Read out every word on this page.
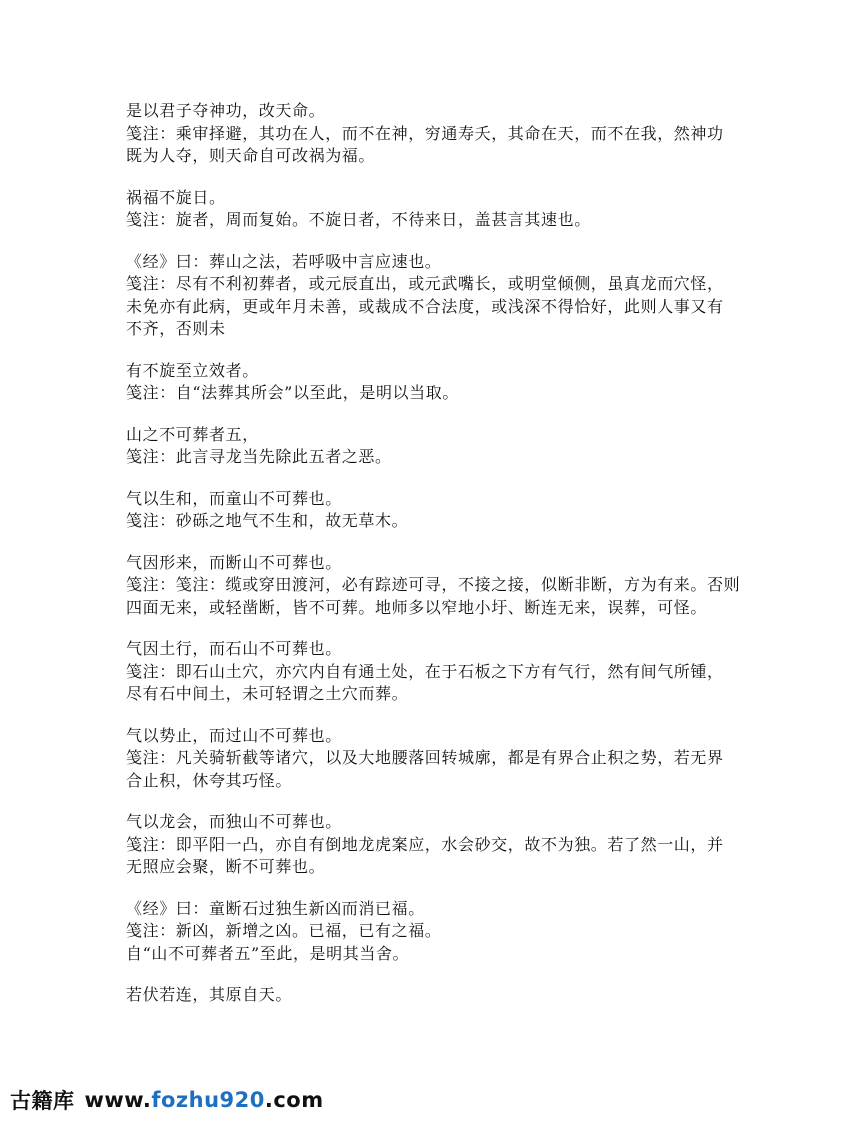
是以君子夺神功，改天命。
笺注：乘审择避，其功在人，而不在神，穷通寿夭，其命在天，而不在我，然神功
既为人夺，则天命自可改祸为福。
祸福不旋日。
笺注：旋者，周而复始。不旋日者，不待来日，盖甚言其速也。
《经》曰：葬山之法，若呼吸中言应速也。
笺注：尽有不利初葬者，或元辰直出，或元武嘴长，或明堂倾侧，虽真龙而穴怪，
未免亦有此病，更或年月未善，或裁成不合法度，或浅深不得恰好，此则人事又有
不齐，否则未
有不旋至立效者。
笺注：自“法葬其所会”以至此，是明以当取。
山之不可葬者五，
笺注：此言寻龙当先除此五者之恶。
气以生和，而童山不可葬也。
笺注：砂砾之地气不生和，故无草木。
气因形来，而断山不可葬也。
笺注：笺注：缆或穿田渡河，必有踪迹可寻，不接之接，似断非断，方为有来。否则
四面无来，或轻凿断，皆不可葬。地师多以窄地小圩、断连无来，误葬，可怪。
气因土行，而石山不可葬也。
笺注：即石山土穴，亦穴内自有通土处，在于石板之下方有气行，然有间气所锺，
尽有石中间土，未可轻谓之土穴而葬。
气以势止，而过山不可葬也。
笺注：凡关骑斩截等诸穴，以及大地腰落回转城廓，都是有界合止积之势，若无界
合止积，休夸其巧怪。
气以龙会，而独山不可葬也。
笺注：即平阳一凸，亦自有倒地龙虎案应，水会砂交，故不为独。若了然一山，并
无照应会聚，断不可葬也。
《经》曰：童断石过独生新凶而消已福。
笺注：新凶，新增之凶。已福，已有之福。
自“山不可葬者五”至此，是明其当舍。
若伏若连，其原自天。
古籍库 www. fozhu920 .com
